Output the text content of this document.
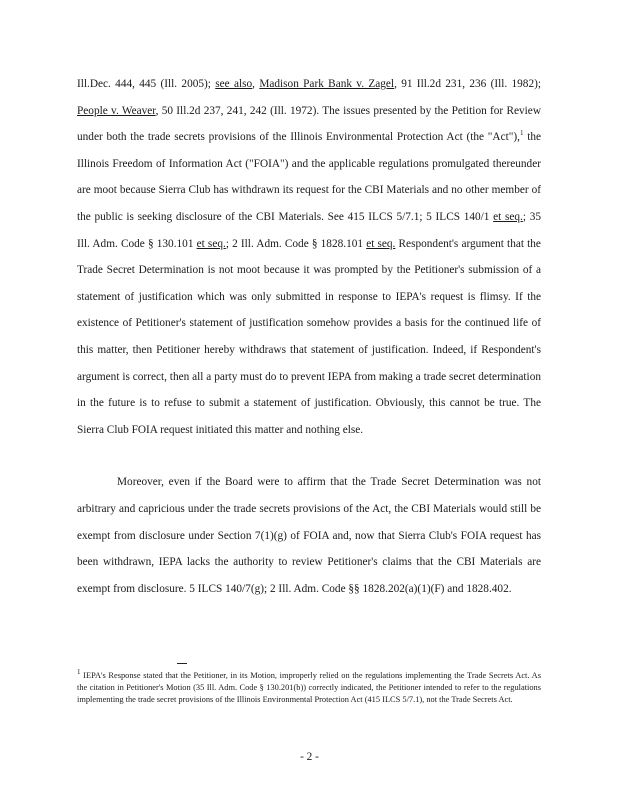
Ill.Dec. 444, 445 (Ill. 2005); see also, Madison Park Bank v. Zagel, 91 Ill.2d 231, 236 (Ill. 1982); People v. Weaver, 50 Ill.2d 237, 241, 242 (Ill. 1972). The issues presented by the Petition for Review under both the trade secrets provisions of the Illinois Environmental Protection Act (the "Act"),$^1$ the Illinois Freedom of Information Act ("FOIA") and the applicable regulations promulgated thereunder are moot because Sierra Club has withdrawn its request for the CBI Materials and no other member of the public is seeking disclosure of the CBI Materials. See 415 ILCS 5/7.1; 5 ILCS 140/1 et seq.; 35 Ill. Adm. Code § 130.101 et seq.; 2 Ill. Adm. Code § 1828.101 et seq. Respondent's argument that the Trade Secret Determination is not moot because it was prompted by the Petitioner's submission of a statement of justification which was only submitted in response to IEPA's request is flimsy. If the existence of Petitioner's statement of justification somehow provides a basis for the continued life of this matter, then Petitioner hereby withdraws that statement of justification. Indeed, if Respondent's argument is correct, then all a party must do to prevent IEPA from making a trade secret determination in the future is to refuse to submit a statement of justification. Obviously, this cannot be true. The Sierra Club FOIA request initiated this matter and nothing else.

Moreover, even if the Board were to affirm that the Trade Secret Determination was not arbitrary and capricious under the trade secrets provisions of the Act, the CBI Materials would still be exempt from disclosure under Section 7(1)(g) of FOIA and, now that Sierra Club's FOIA request has been withdrawn, IEPA lacks the authority to review Petitioner's claims that the CBI Materials are exempt from disclosure. 5 ILCS 140/7(g); 2 Ill. Adm. Code §§ 1828.202(a)(1)(F) and 1828.402.

$^1$ IEPA's Response stated that the Petitioner, in its Motion, improperly relied on the regulations implementing the Trade Secrets Act. As the citation in Petitioner's Motion (35 Ill. Adm. Code § 130.201(b)) correctly indicated, the Petitioner intended to refer to the regulations implementing the trade secret provisions of the Illinois Environmental Protection Act (415 ILCS 5/7.1), not the Trade Secrets Act.

- 2 -
